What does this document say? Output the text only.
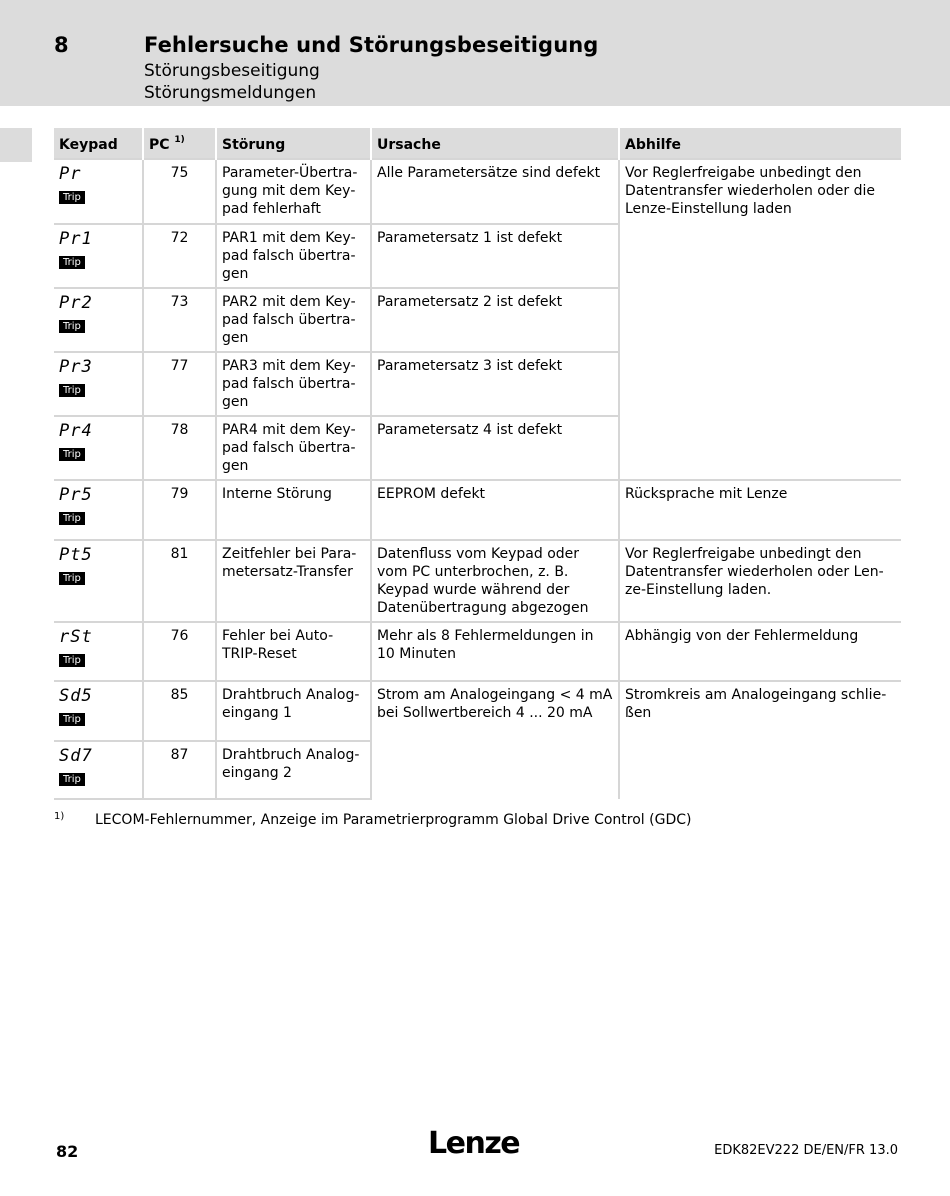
8	Fehlersuche und Störungsbeseitigung
Störungsbeseitigung
Störungsmeldungen
Keypad	PC $^{1)}$	Störung	Ursache	Abhilfe

Pr
Trip	75	Parameter-Übertragung mit dem Keypad fehlerhaft	Alle Parametersätze sind defekt	Vor Reglerfreigabe unbedingt den Datentransfer wiederholen oder die Lenze-Einstellung laden

Pr1
Trip	72	PAR1 mit dem Keypad falsch übertragen	Parametersatz 1 ist defekt	

Pr2
Trip	73	PAR2 mit dem Keypad falsch übertragen	Parametersatz 2 ist defekt	

Pr3
Trip	77	PAR3 mit dem Keypad falsch übertragen	Parametersatz 3 ist defekt	

Pr4
Trip	78	PAR4 mit dem Keypad falsch übertragen	Parametersatz 4 ist defekt	

Pr5
Trip	79	Interne Störung	EEPROM defekt	Rücksprache mit Lenze

Pt5
Trip	81	Zeitfehler bei Parametersatz-Transfer	Datenfluss vom Keypad oder vom PC unterbrochen, z. B. Keypad wurde während der Datenübertragung abgezogen	Vor Reglerfreigabe unbedingt den Datentransfer wiederholen oder Lenze-Einstellung laden.

rSt
Trip	76	Fehler bei Auto-TRIP-Reset	Mehr als 8 Fehlermeldungen in 10 Minuten	Abhängig von der Fehlermeldung

Sd5
Trip	85	Drahtbruch Analogeingang 1	Strom am Analogeingang < 4 mA bei Sollwertbereich 4 ... 20 mA	Stromkreis am Analogeingang schließen

Sd7
Trip	87	Drahtbruch Analogeingang 2		
1) LECOM-Fehlernummer, Anzeige im Parametrierprogramm Global Drive Control (GDC)
82	Lenze	EDK82EV222 DE/EN/FR 13.0
